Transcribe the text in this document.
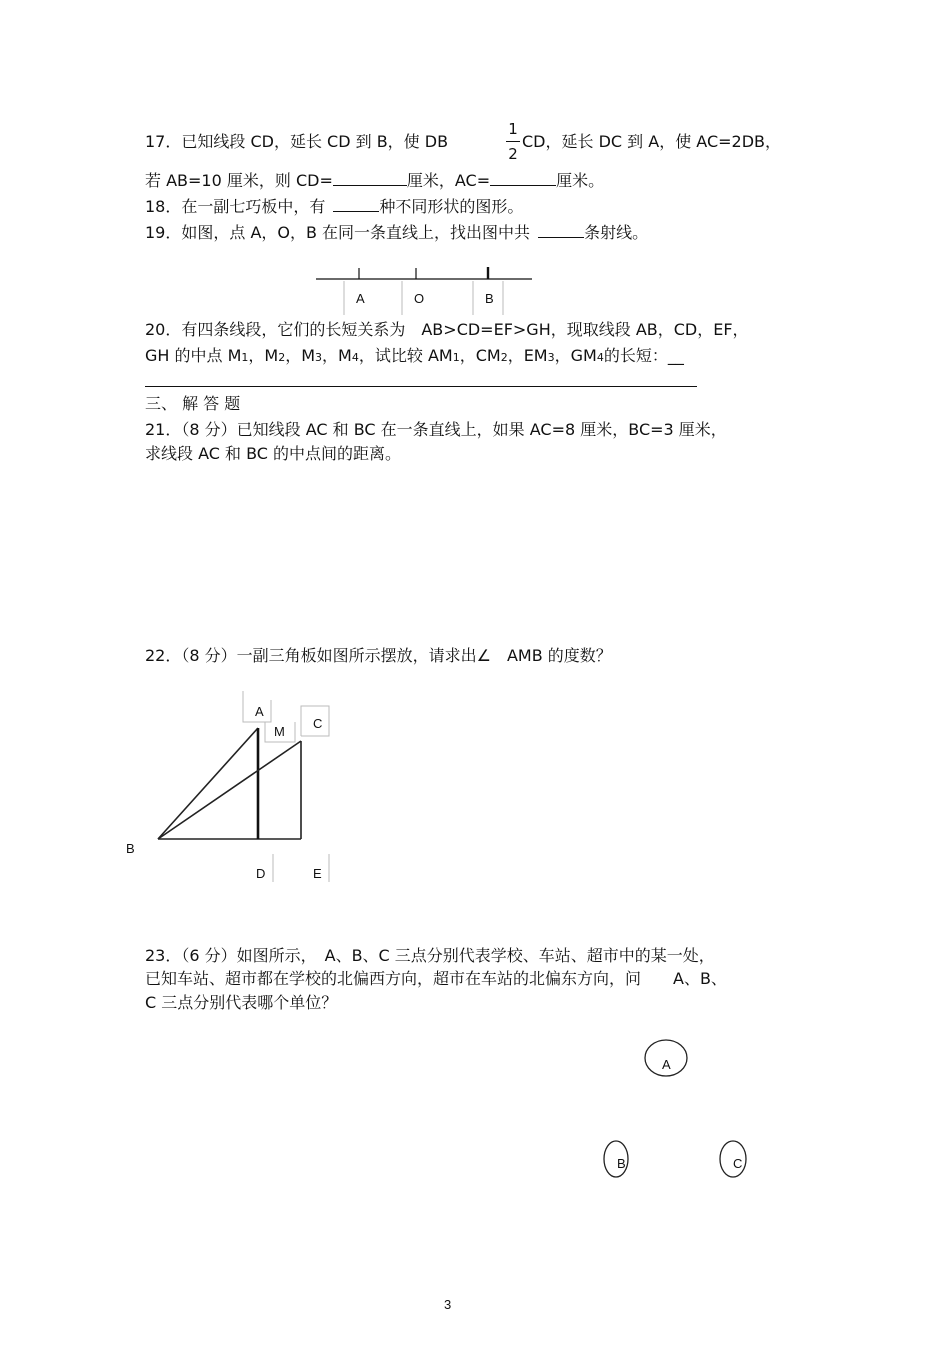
17．已知线段 CD，延长 CD 到 B，使 DB
1
2
CD，延长 DC 到 A，使 AC=2DB，
若 AB=10 厘米，则 CD=	厘米，AC=	厘米。
18．在一副七巧板中，有	种不同形状的图形。
19．如图，点 A，O，B 在同一条直线上，找出图中共	条射线。
A	O	B
20．有四条线段，它们的长短关系为　AB>CD=EF>GH，现取线段 AB，CD，EF，
GH 的中点 M1，M2，M3，M4，试比较 AM1，CM2，EM3，GM4的长短：__
三、 解 答 题
21．（8 分）已知线段 AC 和 BC 在一条直线上，如果 AC=8 厘米，BC=3 厘米，
求线段 AC 和 BC 的中点间的距离。
22．（8 分）一副三角板如图所示摆放，请求出∠　AMB 的度数？
A
M
C
B
D	E
23．（6 分）如图所示，　A、B、C 三点分别代表学校、车站、超市中的某一处，
已知车站、超市都在学校的北偏西方向，超市在车站的北偏东方向，问　　A、B、
C 三点分别代表哪个单位？
A
B	C
3
